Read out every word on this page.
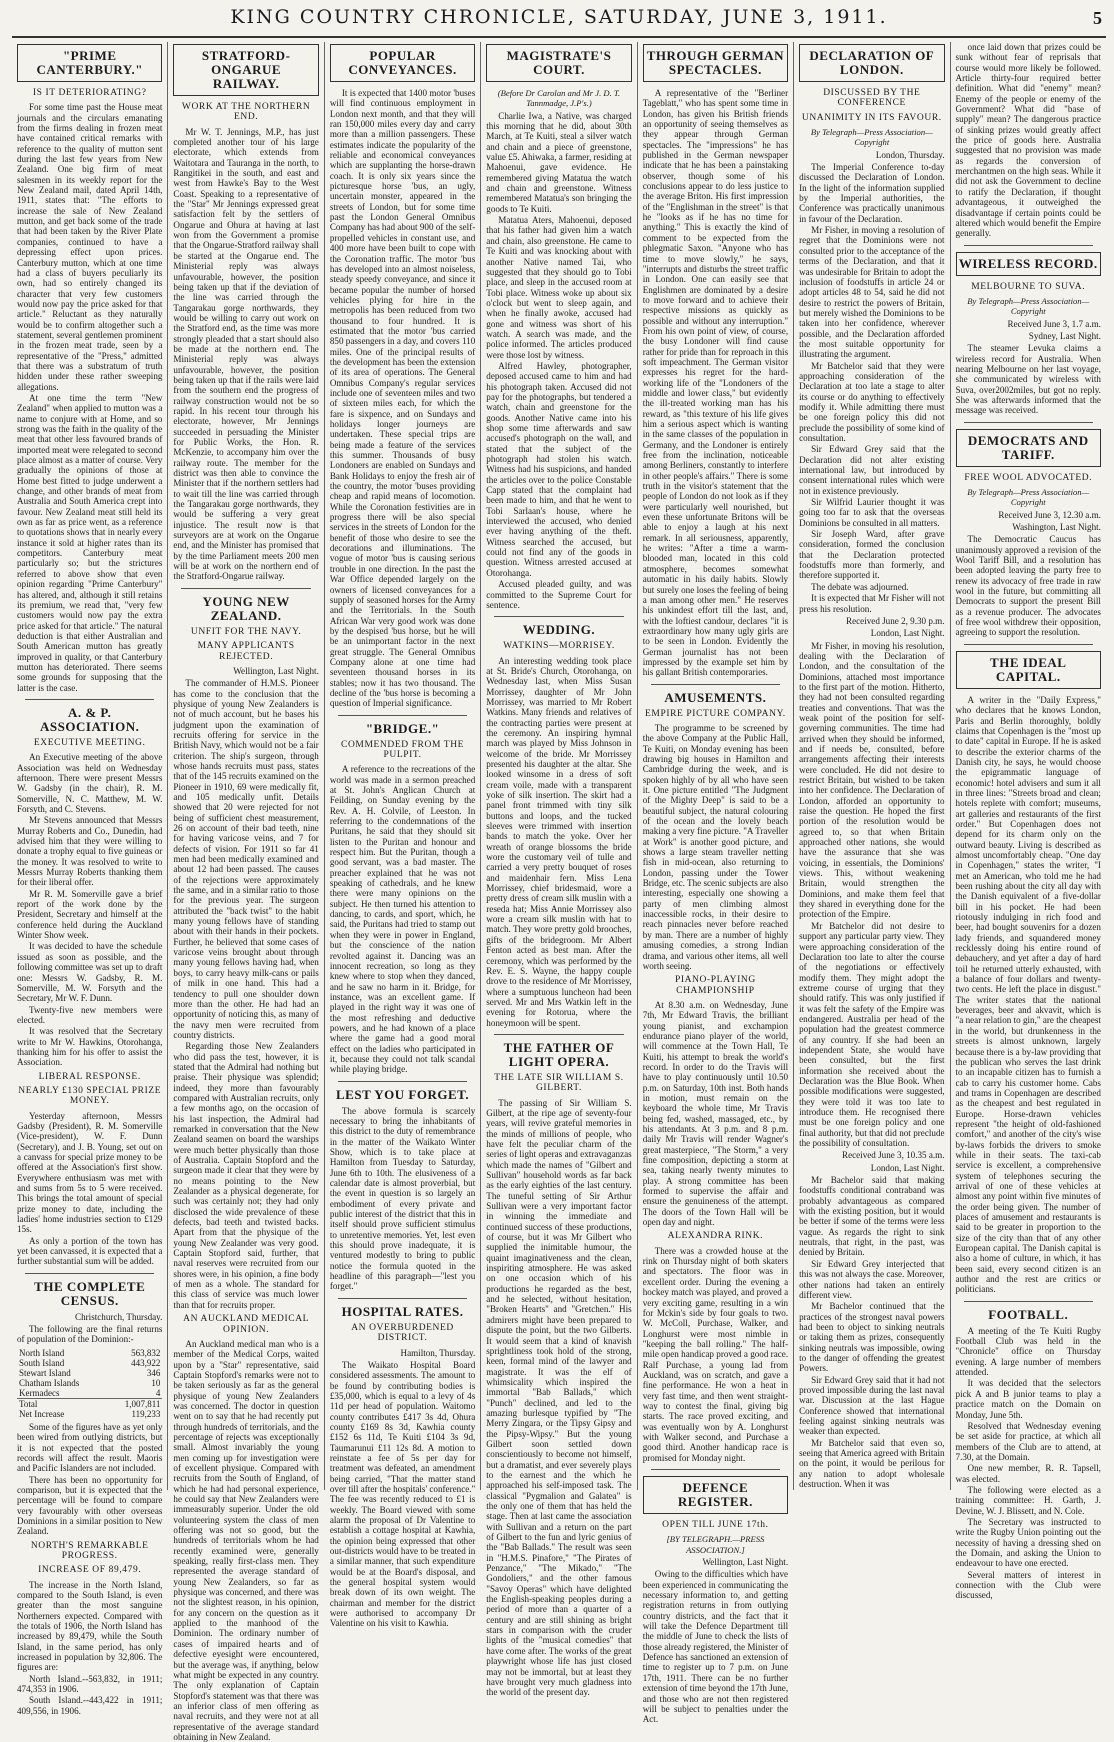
KING COUNTRY CHRONICLE, SATURDAY, JUNE 3, 1911.	5
"PRIME CANTERBURY."
IS IT DETERIORATING?

For some time past the House meat journals and the circulars emanating from the firms dealing in frozen meat have contained critical remarks with reference to the quality of mutton sent during the last few years from New Zealand. One big firm of meat salesmen in its weekly report for the New Zealand mail, dated April 14th, 1911, states that: "The efforts to increase the sale of New Zealand mutton, and get back some of the trade that had been taken by the River Plate companies, continued to have a depressing effect upon prices. Canterbury mutton, which at one time had a class of buyers peculiarly its own, had so entirely changed its character that very few customers would now pay the price asked for that article." Reluctant as they naturally would be to confirm altogether such a statement, several gentlemen prominent in the frozen meat trade, seen by a representative of the "Press," admitted that there was a substratum of truth hidden under these rather sweeping allegations.

At one time the term "New Zealand" when applied to mutton was a name to conjure with at Home, and so strong was the faith in the quality of the meat that other less favoured brands of imported meat were relegated to second place almost as a matter of course. Very gradually the opinions of those at Home best fitted to judge underwent a change, and other brands of meat from Australia and South America crept into favour. New Zealand meat still held its own as far as price went, as a reference to quotations shows that in nearly every instance it sold at higher rates than its competitors. Canterbury meat particularly so; but the strictures referred to above show that even opinion regarding "Prime Canterbury" has altered, and, although it still retains its premium, we read that, "very few customers would now pay the extra price asked for that article." The natural deduction is that either Australian and South American mutton has greatly improved in quality, or that Canterbury mutton has deteriorated. There seems some grounds for supposing that the latter is the case.

A. & P. ASSOCIATION.
EXECUTIVE MEETING.

An Executive meeting of the above Association was held on Wednesday afternoon. There were present Messrs W. Gadsby (in the chair), R. M. Somerville, N. C. Matthew, M. W. Forsyth, and C. Stevens.

Mr Stevens announced that Messrs Murray Roberts and Co., Dunedin, had advised him that they were willing to donate a trophy equal to five guineas or the money. It was resolved to write to Messrs Murray Roberts thanking them for their liberal offer.

Mr R. M. Somerville gave a brief report of the work done by the President, Secretary and himself at the conference held during the Auckland Winter Show week.

It was decided to have the schedule issued as soon as possible, and the following committee was set up to draft one: Messrs W. Gadsby, R. M. Somerville, M. W. Forsyth and the Secretary, Mr W. F. Dunn.

Twenty-five new members were elected.

It was resolved that the Secretary write to Mr W. Hawkins, Otorohanga, thanking him for his offer to assist the Association.

LIBERAL RESPONSE.
NEARLY £130 SPECIAL PRIZE MONEY.

Yesterday afternoon, Messrs Gadsby (President), R. M. Somerville (Vice-president), W. F. Dunn (Secretary), and J. B. Young, set out on a canvass for special prize money to be offered at the Association's first show. Everywhere enthusiasm was met with and sums from 5s to 5 were received. This brings the total amount of special prize money to date, including the ladies' home industries section to £129 15s.

As only a portion of the town has yet been canvassed, it is expected that a further substantial sum will be added.

THE COMPLETE CENSUS.
Christchurch, Thursday.

The following are the final returns of population of the Dominion:-

North Island	563,832
South Island	443,922
Stewart Island	346
Chatham Islands	10
Kermadecs	4
Total	1,007,811
Net Increase	119,233

Some of the figures have as yet only been wired from outlying districts, but it is not expected that the posted records will affect the result. Maoris and Pacific Islanders are not included.

There has been no opportunity for comparison, but it is expected that the percentage will be found to compare very favourably with other overseas Dominions in a similar position to New Zealand.

NORTH'S REMARKABLE PROGRESS.
INCREASE OF 89,479.

The increase in the North Island, compared to the South Island, is even greater than the most sanguine Northerners expected. Compared with the totals of 1906, the North Island has increased by 89,479, while the South Island, in the same period, has only increased in population by 32,806. The figures are:

North Island.--563,832, in 1911; 474,353 in 1906.

South Island.--443,422 in 1911; 409,556, in 1906.

STRATFORD-ONGARUE RAILWAY.
WORK AT THE NORTHERN END.

Mr W. T. Jennings, M.P., has just completed another tour of his large electorate, which extends from Waitotara and Tauranga in the north, to Rangitikei in the south, and east and west from Hawke's Bay to the West Coast. Speaking to a representative of the "Star" Mr Jennings expressed great satisfaction felt by the settlers of Ongarue and Ohura at having at last won from the Government a promise that the Ongarue-Stratford railway shall be started at the Ongarue end. The Ministerial reply was always unfavourable, however, the position being taken up that if the deviation of the line was carried through the Tangarakau gorge northwards, they would be willing to carry out work on the Stratford end, as the time was more strongly pleaded that a start should also be made at the northern end. The Ministerial reply was always unfavourable, however, the position being taken up that if the rails were laid from the southern end the progress of railway construction would not be so rapid. In his recent tour through his electorate, however, Mr Jennings succeeded in persuading the Minister for Public Works, the Hon. R. McKenzie, to accompany him over the railway route. The member for the district was then able to convince the Minister that if the northern settlers had to wait till the line was carried through the Tangarakau gorge northwards, they would be suffering a very great injustice. The result now is that surveyors are at work on the Ongarue end, and the Minister has promised that by the time Parliament meets 200 men will be at work on the northern end of the Stratford-Ongarue railway.

YOUNG NEW ZEALAND.
UNFIT FOR THE NAVY.
MANY APPLICANTS REJECTED.
Wellington, Last Night.

The commander of H.M.S. Pioneer has come to the conclusion that the physique of young New Zealanders is not of much account, but he bases his judgment upon the examination of recruits offering for service in the British Navy, which would not be a fair criterion. The ship's surgeon, through whose hands recruits must pass, states that of the 145 recruits examined on the Pioneer in 1910, 69 were medically fit, and 105 medically unfit. Details showed that 20 were rejected for not being of sufficient chest measurement, 26 on account of their bad teeth, nine for having varicose veins, and 7 for defects of vision. For 1911 so far 41 men had been medically examined and about 12 had been passed. The causes of the rejections were approximately the same, and in a similar ratio to those for the previous year. The surgeon attributed the "back twist" to the habit many young fellows have of standing about with their hands in their pockets. Further, he believed that some cases of varicose veins brought about through many young fellows having had, when boys, to carry heavy milk-cans or pails of milk in one hand. This had a tendency to pull one shoulder down more than the other. He had had an opportunity of noticing this, as many of the navy men were recruited from country districts.

Regarding those New Zealanders who did pass the test, however, it is stated that the Admiral had nothing but praise. Their physique was splendid; indeed, they more than favourably compared with Australian recruits, only a few months ago, on the occasion of his last inspection, the Admiral had remarked in conversation that the New Zealand seamen on board the warships were much better physically than those of Australia. Captain Stopford and the surgeon made it clear that they were by no means pointing to the New Zealander as a physical degenerate, for such was certainly not; they had only disclosed the wide prevalence of these defects, bad teeth and twisted backs. Apart from that the physique of the young New Zealander was very good. Captain Stopford said, further, that naval reserves were recruited from our shores were, in his opinion, a fine body of men as a whole. The standard for this class of service was much lower than that for recruits proper.

AN AUCKLAND MEDICAL OPINION.

An Auckland medical man who is a member of the Medical Corps, waited upon by a "Star" representative, said Captain Stopford's remarks were not to be taken seriously as far as the general physique of young New Zealanders was concerned. The doctor in question went on to say that he had recently put through hundreds of territorials, and the percentage of rejects was exceptionally small. Almost invariably the young men coming up for investigation were of excellent physique. Compared with recruits from the South of England, of which he had had personal experience, he could say that New Zealanders were immeasurably superior. Under the old volunteering system the class of men offering was not so good, but the hundreds of territorials whom he had recently examined were, generally speaking, really first-class men. They represented the average standard of young New Zealanders, so far as physique was concerned, and there was not the slightest reason, in his opinion, for any concern on the question as it applied to the manhood of the Dominion. The ordinary number of cases of impaired hearts and of defective eyesight were encountered, but the average was, if anything, below what might be expected in any country. The only explanation of Captain Stopford's statement was that there was an inferior class of men offering as naval recruits, and they were not at all representative of the average standard obtaining in New Zealand.

POPULAR CONVEYANCES.

It is expected that 1400 motor 'buses will find continuous employment in London next month, and that they will ran 150,000 miles every day and carry more than a million passengers. These estimates indicate the popularity of the reliable and economical conveyances which are supplanting the horse-drawn coach. It is only six years since the picturesque horse 'bus, an ugly, uncertain monster, appeared in the streets of London, but for some time past the London General Omnibus Company has had about 900 of the self-propelled vehicles in constant use, and 400 more have been built to cope with the Coronation traffic. The motor 'bus has developed into an almost noiseless, steady speedy conveyance, and since it became popular the number of horsed vehicles plying for hire in the metropolis has been reduced from two thousand to four hundred. It is estimated that the motor 'bus carried 850 passengers in a day, and covers 110 miles. One of the principal results of the development has been the extension of its area of operations. The General Omnibus Company's regular services include one of seventeen miles and two of sixteen miles each, for which the fare is sixpence, and on Sundays and holidays longer journeys are undertaken. These special trips are being made a feature of the services this summer. Thousands of busy Londoners are enabled on Sundays and Bank Holidays to enjoy the fresh air of the country, the motor 'buses providing cheap and rapid means of locomotion. While the Coronation festivities are in progress there will be also special services in the streets of London for the benefit of those who desire to see the decorations and illuminations. The vogue of motor 'bus is causing serious trouble in one direction. In the past the War Office depended largely on the owners of licensed conveyances for a supply of seasoned horses for the Army and the Territorials. In the South African War very good work was done by the despised 'bus horse, but he will be an unimportant factor in the next great struggle. The General Omnibus Company alone at one time had seventeen thousand horses in its stables; now it has two thousand. The decline of the 'bus horse is becoming a question of Imperial significance.

"BRIDGE."
COMMENDED FROM THE PULPIT.

A reference to the recreations of the world was made in a sermon preached at St. John's Anglican Church at Feilding, on Sunday evening by the Rev. A. H. Colvile, of Leeston. In referring to the condemnations of the Puritans, he said that they should sit listen to the Puritan and honour and respect him. But the Puritan, though a good servant, was a bad master. The preacher explained that he was not speaking of cathedrals, and he knew there were many opinions on the subject. He then turned his attention to dancing, to cards, and sport, which, he said, the Puritans had tried to stamp out when they were in power in England, but the conscience of the nation revolted against it. Dancing was an innocent recreation, so long as they knew where to stop when they danced, and he saw no harm in it. Bridge, for instance, was an excellent game. If played in the right way it was one of the most refreshing and deductive powers, and he had known of a place where the game had a good moral effect on the ladies who participated in it, because they could not talk scandal while playing bridge.

LEST YOU FORGET.

The above formula is scarcely necessary to bring the inhabitants of this district to the duty of remembrance in the matter of the Waikato Winter Show, which is to take place at Hamilton from Tuesday to Saturday, June 6th to 10th. The elusiveness of a calendar date is almost proverbial, but the event in question is so largely an embodiment of every private and public interest of the district that this in itself should prove sufficient stimulus to unretentive memories. Yet, lest even this should prove inadequate, it is ventured modestly to bring to public notice the formula quoted in the headline of this paragraph—"lest you forget."

HOSPITAL RATES.
AN OVERBURDENED DISTRICT.
Hamilton, Thursday.

The Waikato Hospital Board considered assessments. The amount to be found by contributing bodies is £35,000, which is equal to a levy of 4s 11d per head of population. Waitomo county contributes £417 3s 4d, Ohura county £169 8s 3d, Kawhia county £152 6s 11d, Te Kuiti £104 3s 9d, Taumarunui £11 12s 8d. A motion to reinstate a fee of 5s per day for treatment was defeated, an amendment being carried, "That the matter stand over till after the hospitals' conference." The fee was recently reduced to £1 is weekly. The Board viewed with some alarm the proposal of Dr Valentine to establish a cottage hospital at Kawhia, the opinion being expressed that other out-districts would have to be treated in a similar manner, that such expenditure would be at the Board's disposal, and the general hospital system would break down of its own weight. The chairman and member for the district were authorised to accompany Dr Valentine on his visit to Kawhia.

MAGISTRATE'S COURT.
(Before Dr Carolan and Mr J. D. T. Tannmadge, J.P's.)

Charlie Iwa, a Native, was charged this morning that he did, about 30th March, at Te Kuiti, steal a silver watch and chain and a piece of greenstone, value £5. Ahiwaka, a farmer, residing at Mahoenui, gave evidence. He remembered giving Matatua the watch and chain and greenstone. Witness remembered Matatua's son bringing the goods to Te Kuiti.

Matatua Aters, Mahoenui, deposed that his father had given him a watch and chain, also greenstone. He came to Te Kuiti and was knocking about with another Native named Tai, who suggested that they should go to Tobi place, and sleep in the accused room at Tobi place. Witness woke up about six o'clock but went to sleep again, and when he finally awoke, accused had gone and witness was short of his watch. A search was made, and the police informed. The articles produced were those lost by witness.

Alfred Hawley, photographer, deposed accused came to him and had his photograph taken. Accused did not pay for the photographs, but tendered a watch, chain and greenstone for the goods. Another Native came into his shop some time afterwards and saw accused's photograph on the wall, and stated that the subject of the photograph had stolen his watch. Witness had his suspicions, and handed the articles over to the police Constable Capp stated that the complaint had been made to him, and that he went to Tobi Sarlaan's house, where he interviewed the accused, who denied ever having anything of the theft. Witness searched the accused, but could not find any of the goods in question. Witness arrested accused at Otorohanga.

Accused pleaded guilty, and was committed to the Supreme Court for sentence.

WEDDING.
WATKINS—MORRISEY.

An interesting wedding took place at St. Bride's Church, Otorohanga, on Wednesday last, when Miss Susan Morrissey, daughter of Mr John Morrissey, was married to Mr Robert Watkins. Many friends and relatives of the contracting parties were present at the ceremony. An inspiring hymnal march was played by Miss Johnson in welcome of the bride. Mr Morrissey presented his daughter at the altar. She looked winsome in a dress of soft cream voile, made with a transparent yoke of silk insertion. The skirt had a panel front trimmed with tiny silk buttons and loops, and the tucked sleeves were trimmed with insertion bands to match the yoke. Over her wreath of orange blossoms the bride wore the customary veil of tulle and carried a very pretty bouquet of roses and maidenhair fern. Miss Lena Morrissey, chief bridesmaid, wore a pretty dress of cream silk muslin with a reseda hat; Miss Annie Morrissey also wore a cream silk muslin with hat to match. They wore pretty gold brooches, gifts of the bridegroom. Mr Albert Fenton acted as best man. After the ceremony, which was performed by the Rev. E. S. Wayne, the happy couple drove to the residence of Mr Morrissey, where a sumptuous luncheon had been served. Mr and Mrs Watkin left in the evening for Rotorua, where the honeymoon will be spent.

THE FATHER OF LIGHT OPERA.
THE LATE SIR WILLIAM S. GILBERT.

The passing of Sir William S. Gilbert, at the ripe age of seventy-four years, will revive grateful memories in the minds of millions of people, who have felt the peculiar charm of the series of light operas and extravaganzas which made the names of "Gilbert and Sullivan" household words as far back as the early eighties of the last century. The tuneful setting of Sir Arthur Sullivan were a very important factor in winning the immediate and continued success of these productions, of course, but it was Mr Gilbert who supplied the inimitable humour, the quaint imaginativeness and the clean, inspiriting atmosphere. He was asked on one occasion which of his productions he regarded as the best, and he selected, without hesitation, "Broken Hearts" and "Gretchen." His admirers might have been prepared to dispute the point, but the two Gilberts. It would seem that a kind of knavish sprightliness took hold of the strong, keen, formal mind of the lawyer and magistrate. It was the elf of whimsicality which inspired the immortal "Bab Ballads," which "Punch" declined, and led to the amazing burlesque typified by "The Merry Zingara, or the Tipsy Gipsy and the Pipsy-Wipsy." But the young Gilbert soon settled down conscientiously to become not himself, but a dramatist, and ever severely plays to the earnest and the which he approached his self-imposed task. The classical "Pygmalion and Galatea" is the only one of them that has held the stage. Then at last came the association with Sullivan and a return on the part of Gilbert to the fun and lyric genius of the "Bab Ballads." The result was seen in "H.M.S. Pinafore," "The Pirates of Penzance," "The Mikado," "The Gondoliers," and the other famous "Savoy Operas" which have delighted the English-speaking peoples during a period of more than a quarter of a century and are still shining as bright stars in comparison with the cruder lights of the "musical comedies" that have come after. The works of the great playwright whose life has just closed may not be immortal, but at least they have brought very much gladness into the world of the present day.

THROUGH GERMAN SPECTACLES.

A representative of the "Berliner Tageblatt," who has spent some time in London, has given his British friends an opportunity of seeing themselves as they appear through German spectacles. The "impressions" he has published in the German newspaper indicate that he has been a painstaking observer, though some of his conclusions appear to do less justice to the average Briton. His first impression of the "Englishman in the street" is that he "looks as if he has no time for anything." This is exactly the kind of comment to be expected from the phlegmatic Saxon. "Anyone who has time to move slowly," he says, "interrupts and disturbs the street traffic in London. One can easily see that Englishmen are dominated by a desire to move forward and to achieve their respective missions as quickly as possible and without any interruption." From his own point of view, of course, the busy Londoner will find cause rather for pride than for reproach in this soft impeachment. The German visitor expresses his regret for the hard-working life of the "Londoners of the middle and lower class," but evidently the ill-treated working man has his reward, as "this texture of his life gives him a serious aspect which is wanting in the same classes of the population in Germany, and the Londoner is entirely free from the inclination, noticeable among Berliners, constantly to interfere in other people's affairs." There is some truth in the visitor's statement that the people of London do not look as if they were particularly well nourished, but even these unfortunate Britons will be able to enjoy a laugh at his next remark. In all seriousness, apparently, he writes: "After a time a warm-blooded man, located in this cold atmosphere, becomes somewhat automatic in his daily habits. Slowly but surely one loses the feeling of being a man among other men." He reserves his unkindest effort till the last, and, with the loftiest candour, declares "it is extraordinary how many ugly girls are to be seen in London. Evidently the German journalist has not been impressed by the example set him by his gallant British contemporaries.

AMUSEMENTS.
EMPIRE PICTURE COMPANY.

The programme to be screened by the above Company at the Public Hall, Te Kuiti, on Monday evening has been drawing big houses in Hamilton and Cambridge during the week, and is spoken highly of by all who have seen it. One picture entitled "The Judgment of the Mighty Deep" is said to be a beautiful subject, the natural colouring of the ocean and the lovely beach making a very fine picture. "A Traveller at Work" is another good picture, and shows a large steam traveller netting fish in mid-ocean, also returning to London, passing under the Tower Bridge, etc. The scenic subjects are also interesting, especially one showing a party of men climbing almost inaccessible rocks, in their desire to reach pinnacles never before reached by man. There are a number of highly amusing comedies, a strong Indian drama, and various other items, all well worth seeing.

PIANO-PLAYING CHAMPIONSHIP

At 8.30 a.m. on Wednesday, June 7th, Mr Edward Travis, the brilliant young pianist, and exchampion endurance piano player of the world, will commence at the Town Hall, Te Kuiti, his attempt to break the world's record. In order to do the Travis will have to play continuously until 10.50 p.m. on Saturday, 10th inst. Both hands in motion, must remain on the keyboard the whole time, Mr Travis being fed, washed, massaged, etc., by his attendants. At 3 p.m. and 8 p.m. daily Mr Travis will render Wagner's great masterpiece, "The Storm," a very fine composition, depicting a storm at sea, taking nearly twenty minutes to play. A strong committee has been formed to supervise the affair and ensure the genuineness of the attempt. The doors of the Town Hall will be open day and night.

ALEXANDRA RINK.

There was a crowded house at the rink on Thursday night of both skaters and spectators. The floor was in excellent order. During the evening a hockey match was played, and proved a very exciting game, resulting in a win for Mckin's side by four goals to two. W. McColl, Purchase, Walker, and Longhurst were most nimble in "keeping the ball rolling." The half-mile open handicap proved a good race. Ralf Purchase, a young lad from Auckland, was on scratch, and gave a fine performance. He won a heat in very fast time, and then went straight-way to contest the final, giving big starts. The race proved exciting, and was eventually won by A. Longhurst with Walker second, and Purchase a good third. Another handicap race is promised for Monday night.

DEFENCE REGISTER.
OPEN TILL JUNE 17th.
[BY TELEGRAPH.—PRESS ASSOCIATION.]
Wellington, Last Night.

Owing to the difficulties which have been experienced in communicating the necessary information to, and getting registration returns in from outlying country districts, and the fact that it will take the Defence Department till the middle of June to check the lists of those already registered, the Minister of Defence has sanctioned an extension of time to register up to 7 p.m. on June 17th, 1911. There can be no further extension of time beyond the 17th June, and those who are not then registered will be subject to penalties under the Act.

DECLARATION OF LONDON.
DISCUSSED BY THE CONFERENCE
UNANIMITY IN ITS FAVOUR.
By Telegraph—Press Association—Copyright
London, Thursday.

The Imperial Conference to-day discussed the Declaration of London. In the light of the information supplied by the Imperial authorities, the Conference was practically unanimous in favour of the Declaration.

Mr Fisher, in moving a resolution of regret that the Dominions were not consulted prior to the acceptance of the terms of the Declaration, and that it was undesirable for Britain to adopt the inclusion of foodstuffs in article 24 or adopt articles 48 to 54, said he did not desire to restrict the powers of Britain, but merely wished the Dominions to be taken into her confidence, wherever possible, and the Declaration afforded the most suitable opportunity for illustrating the argument.

Mr Batchelor said that they were approaching consideration of the Declaration at too late a stage to alter its course or do anything to effectively modify it. While admitting there must be one foreign policy this did not preclude the possibility of some kind of consultation.

Sir Edward Grey said that the Declaration did not alter existing international law, but introduced by consent international rules which were not in existence previously.

Sir Wilfrid Laurier thought it was going too far to ask that the overseas Dominions be consulted in all matters.

Sir Joseph Ward, after grave consideration, formed the conclusion that the Declaration protected foodstuffs more than formerly, and therefore supported it.

The debate was adjourned.

It is expected that Mr Fisher will not press his resolution.

Received June 2, 9.30 p.m.
London, Last Night.

Mr Fisher, in moving his resolution, dealing with the Declaration of London, and the consultation of the Dominions, attached most importance to the first part of the motion. Hitherto, they had not been consulted regarding treaties and conventions. That was the weak point of the position for self-governing communities. The time had arrived when they should be informed, and if needs be, consulted, before arrangements affecting their interests were concluded. He did not desire to restrict Britain, but wished to be taken into her confidence. The Declaration of London, afforded an opportunity to raise the question. He hoped the first portion of the resolution would be agreed to, so that when Britain approached other nations, she would have the assurance that she was voicing, in essentials, the Dominions' views. This, without weakening Britain, would strengthen the Dominions, and make them feel that they shared in everything done for the protection of the Empire.

Mr Batchelor did not desire to support any particular party view. They were approaching consideration of the Declaration too late to alter the course of the negotiations or effectively modify them. They might adopt the extreme course of urging that they should ratify. This was only justified if it was felt the safety of the Empire was endangered. Australia per head of the population had the greatest commerce of any country. If she had been an independent State, she would have been consulted, but the first information she received about the Declaration was the Blue Book. When possible modifications were suggested, they were told it was too late to introduce them. He recognised there must be one foreign policy and one final authority, but that did not preclude the possibility of consultation.

Received June 3, 10.35 a.m.
London, Last Night.

Mr Bachelor said that making foodstuffs conditional contraband was probably advantageous as compared with the existing position, but it would be better if some of the terms were less vague. As regards the right to sink neutrals, that right, in the past, was denied by Britain.

Sir Edward Grey interjected that this was not always the case. Moreover, other nations had taken an entirely different view.

Mr Bachelor continued that the practices of the strongest naval powers had been to object to sinking neutrals or taking them as prizes, consequently sinking neutrals was impossible, owing to the danger of offending the greatest Powers.

Sir Edward Grey said that it had not proved impossible during the last naval war. Discussion at the last Hague Conference showed that international feeling against sinking neutrals was weaker than expected.

Mr Batchelor said that even so, seeing that America agreed with Britain on the point, it would be perilous for any nation to adopt wholesale destruction. When it was

once laid down that prizes could be sunk without fear of reprisals that course would more likely be followed. Article thirty-four required better definition. What did "enemy" mean? Enemy of the people or enemy of the Government? What did "base of supply" mean? The dangerous practice of sinking prizes would greatly affect the price of goods here. Australia suggested that no provision was made as regards the conversion of merchantmen on the high seas. While it did not ask the Government to decline to ratify the Declaration, if thought advantageous, it outweighed the disadvantage if certain points could be altered which would benefit the Empire generally.

WIRELESS RECORD.
MELBOURNE TO SUVA.
By Telegraph—Press Association—Copyright
Received June 3, 1.7 a.m.
Sydney, Last Night.

The steamer Levuka claims a wireless record for Australia. When nearing Melbourne on her last voyage, she communicated by wireless with Suva, over2002miles, but got no reply. She was afterwards informed that the message was received.

DEMOCRATS AND TARIFF.
FREE WOOL ADVOCATED.
By Telegraph—Press Association—Copyright
Received June 3, 12.30 a.m.
Washington, Last Night.

The Democratic Caucus has unanimously approved a revision of the Wool Tariff Bill, and a resolution has been adopted leaving the party free to renew its advocacy of free trade in raw wool in the future, but committing all Democrats to support the present Bill as a revenue producer. The advocates of free wool withdrew their opposition, agreeing to support the resolution.

THE IDEAL CAPITAL.

A writer in the "Daily Express," who declares that he knows London, Paris and Berlin thoroughly, boldly claims that Copenhagen is the "most up to date" capital in Europe. If he is asked to describe the exterior charms of the Danish city, he says, he would choose the epigrammatic language of economic! hotel advisers and sum it all in three lines: "Streets broad and clean; hotels replete with comfort; museums, art galleries and restaurants of the first order." But Copenhagen does not depend for its charm only on the outward beauty. Living is described as almost uncomfortably cheap. "One day in Copenhagen," states the writer, "I met an American, who told me he had been rushing about the city all day with the Danish equivalent of a five-dollar bill in his pocket. He had been riotously indulging in rich food and beer, had bought souvenirs for a dozen lady friends, and squandered money recklessly doing his entire round of debauchery, and yet after a day of hard toil he returned utterly exhausted, with a balance of four dollars and twenty-two cents. He left the place in disgust." The writer states that the national beverages, beer and akvavit, which is "a near relation to gin," are the cheapest in the world, but drunkenness in the streets is almost unknown, largely because there is a by-law providing that the publican who serves the last drink to an incapable citizen has to furnish a cab to carry his customer home. Cabs and trams in Copenhagen are described as the cheapest and best regulated in Europe. Horse-drawn vehicles represent "the height of old-fashioned comfort," and another of the city's wise by-laws forbids the drivers to smoke while in their seats. The taxi-cab service is excellent, a comprehensive system of telephones securing the arrival of one of these vehicles at almost any point within five minutes of the order being given. The number of places of amusement and restaurants is said to be greater in proportion to the size of the city than that of any other European capital. The Danish capital is also a home of culture, in which, it has been said, every second citizen is an author and the rest are critics or politicians.

FOOTBALL.

A meeting of the Te Kuiti Rugby Football Club was held in the "Chronicle" office on Thursday evening. A large number of members attended.

It was decided that the selectors pick A and B junior teams to play a practice match on the Domain on Monday, June 5th.

Resolved that Wednesday evening be set aside for practice, at which all members of the Club are to attend, at 7.30, at the Domain.

One new member, R. R. Tapsell, was elected.

The following were elected as a training committee: H. Garth, J. Devine, W. J. Blissett, and N. Cole.

The Secretary was instructed to write the Rugby Union pointing out the necessity of having a dressing shed on the Domain, and asking the Union to endeavour to have one erected.

Several matters of interest in connection with the Club were discussed,
